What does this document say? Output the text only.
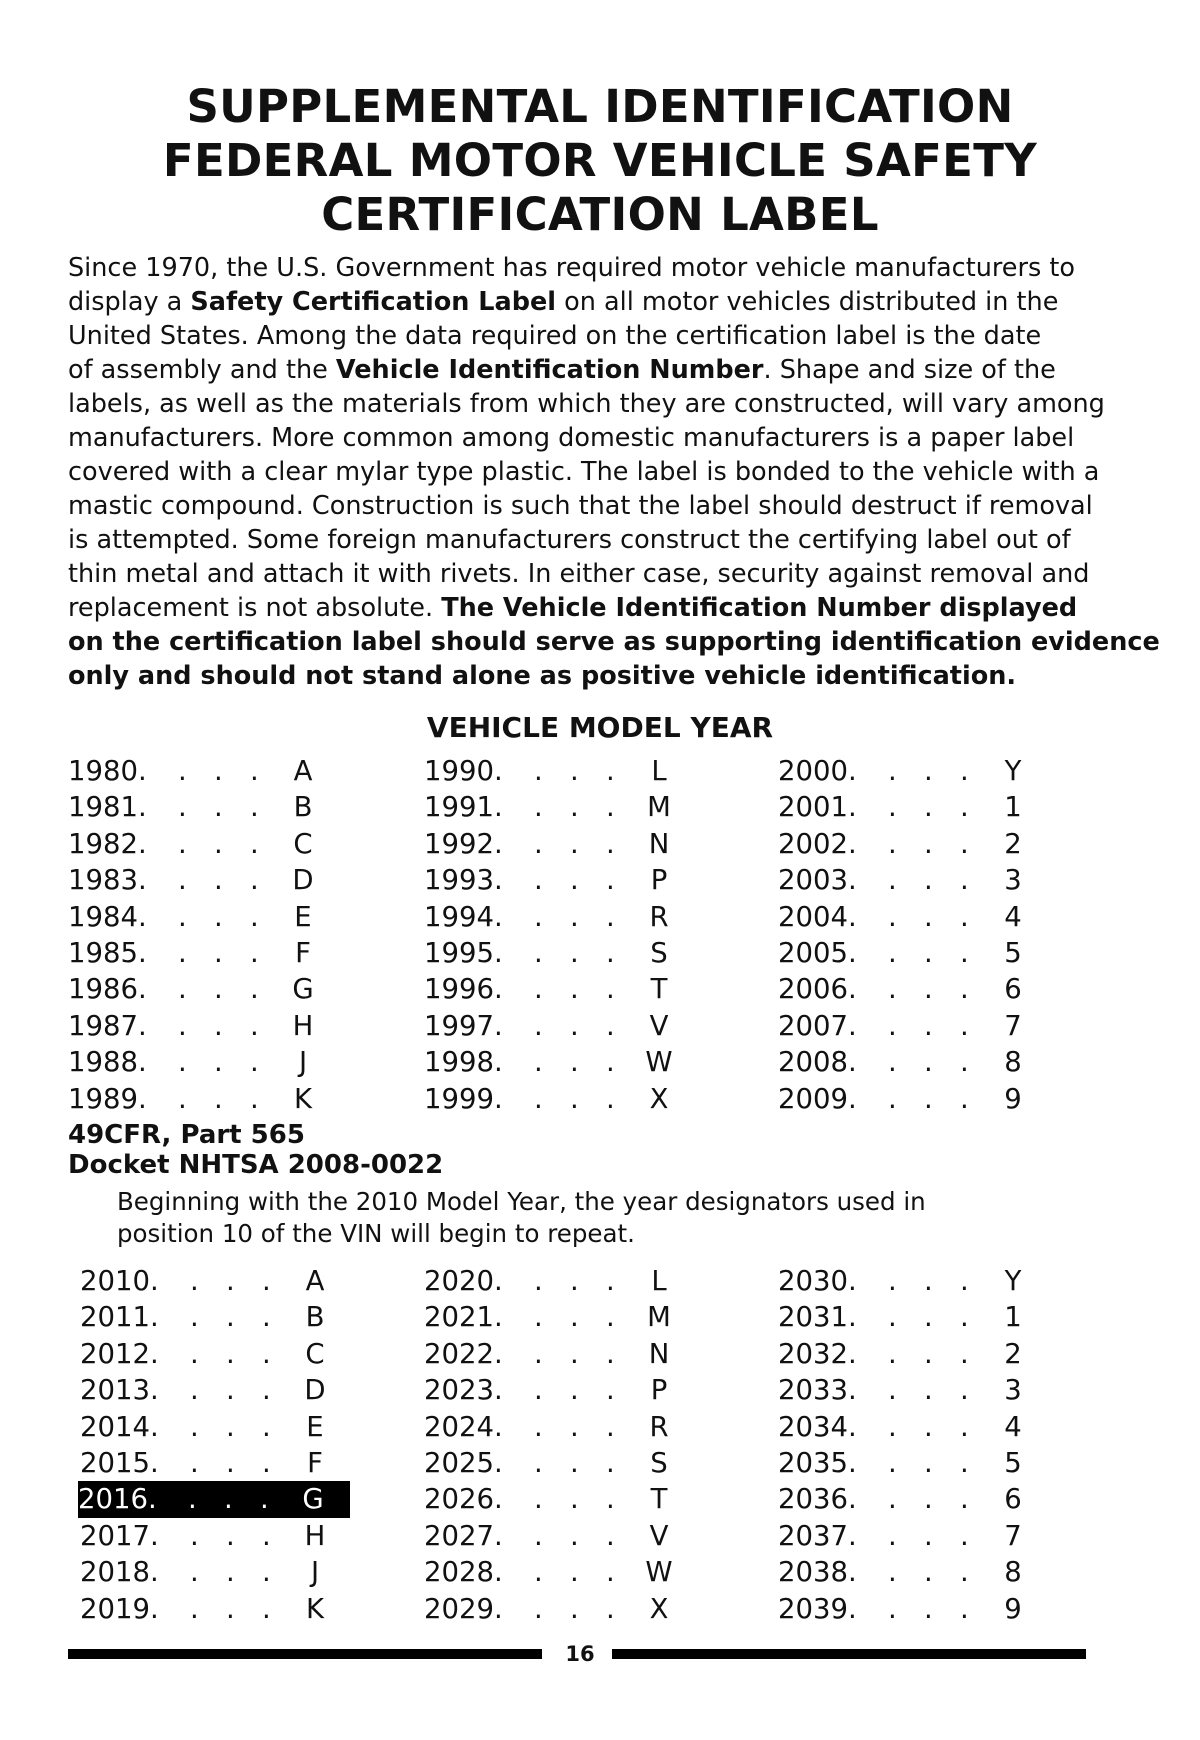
SUPPLEMENTAL IDENTIFICATION
FEDERAL MOTOR VEHICLE SAFETY
CERTIFICATION LABEL
Since 1970, the U.S. Government has required motor vehicle manufacturers to
display a Safety Certification Label on all motor vehicles distributed in the
United States. Among the data required on the certification label is the date
of assembly and the Vehicle Identification Number. Shape and size of the
labels, as well as the materials from which they are constructed, will vary among
manufacturers. More common among domestic manufacturers is a paper label
covered with a clear mylar type plastic. The label is bonded to the vehicle with a
mastic compound. Construction is such that the label should destruct if removal
is attempted. Some foreign manufacturers construct the certifying label out of
thin metal and attach it with rivets. In either case, security against removal and
replacement is not absolute. The Vehicle Identification Number displayed
on the certification label should serve as supporting identification evidence
only and should not stand alone as positive vehicle identification.
VEHICLE MODEL YEAR
1980. . . . A
1981. . . . B
1982. . . . C
1983. . . . D
1984. . . .	E
1985. . . .	F
1986. . . . G
1987. . . . H
1988. . . .	J
1989. . . . K
1990. . . .	L
1991. . . . M
1992. . . . N
1993. . . .	P
1994. . . . R
1995. . . .	S
1996. . . .	T
1997. . . . V
1998. . . . W
1999. . . . X
2000. . . .	Y
2001. . . .	1
2002. . . .	2
2003. . . .	3
2004. . . .	4
2005. . . .	5
2006. . . .	6
2007. . . .	7
2008. . . .	8
2009. . . .	9
49CFR, Part 565
Docket NHTSA 2008-0022
Beginning with the 2010 Model Year, the year designators used in
position 10 of the VIN will begin to repeat.
2010. . . . A
2011. . . . B
2012. . . . C
2013. . . . D
2014. . . .	E
2015. . . .	F
2016. . . . G
2017. . . . H
2018. . . .	J
2019. . . . K
2020. . . .	L
2021. . . . M
2022. . . . N
2023. . . .	P
2024. . . . R
2025. . . .	S
2026. . . .	T
2027. . . . V
2028. . . . W
2029. . . . X
2030. . . .	Y
2031. . . .	1
2032. . . .	2
2033. . . .	3
2034. . . .	4
2035. . . .	5
2036. . . .	6
2037. . . .	7
2038. . . .	8
2039. . . .	9
16
